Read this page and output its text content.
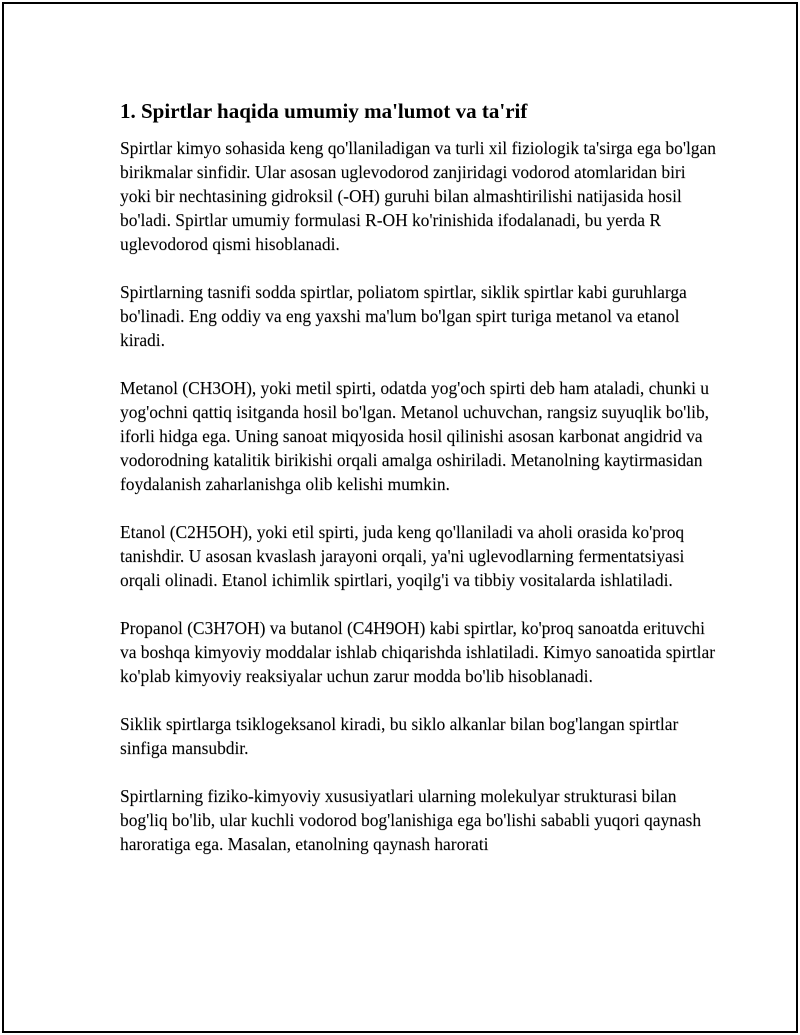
1. Spirtlar haqida umumiy ma'lumot va ta'rif

Spirtlar kimyo sohasida keng qo'llaniladigan va turli xil fiziologik ta'sirga ega bo'lgan birikmalar sinfidir. Ular asosan uglevodorod zanjiridagi vodorod atomlaridan biri yoki bir nechtasining gidroksil (-OH) guruhi bilan almashtirilishi natijasida hosil bo'ladi. Spirtlar umumiy formulasi R-OH ko'rinishida ifodalanadi, bu yerda R uglevodorod qismi hisoblanadi.

Spirtlarning tasnifi sodda spirtlar, poliatom spirtlar, siklik spirtlar kabi guruhlarga bo'linadi. Eng oddiy va eng yaxshi ma'lum bo'lgan spirt turiga metanol va etanol kiradi.

Metanol (CH3OH), yoki metil spirti, odatda yog'och spirti deb ham ataladi, chunki u yog'ochni qattiq isitganda hosil bo'lgan. Metanol uchuvchan, rangsiz suyuqlik bo'lib, iforli hidga ega. Uning sanoat miqyosida hosil qilinishi asosan karbonat angidrid va vodorodning katalitik birikishi orqali amalga oshiriladi. Metanolning kaytirmasidan foydalanish zaharlanishga olib kelishi mumkin.

Etanol (C2H5OH), yoki etil spirti, juda keng qo'llaniladi va aholi orasida ko'proq tanishdir. U asosan kvaslash jarayoni orqali, ya'ni uglevodlarning fermentatsiyasi orqali olinadi. Etanol ichimlik spirtlari, yoqilg'i va tibbiy vositalarda ishlatiladi.

Propanol (C3H7OH) va butanol (C4H9OH) kabi spirtlar, ko'proq sanoatda erituvchi va boshqa kimyoviy moddalar ishlab chiqarishda ishlatiladi. Kimyo sanoatida spirtlar ko'plab kimyoviy reaksiyalar uchun zarur modda bo'lib hisoblanadi.

Siklik spirtlarga tsiklogeksanol kiradi, bu siklo alkanlar bilan bog'langan spirtlar sinfiga mansubdir.

Spirtlarning fiziko-kimyoviy xususiyatlari ularning molekulyar strukturasi bilan bog'liq bo'lib, ular kuchli vodorod bog'lanishiga ega bo'lishi sababli yuqori qaynash haroratiga ega. Masalan, etanolning qaynash harorati
